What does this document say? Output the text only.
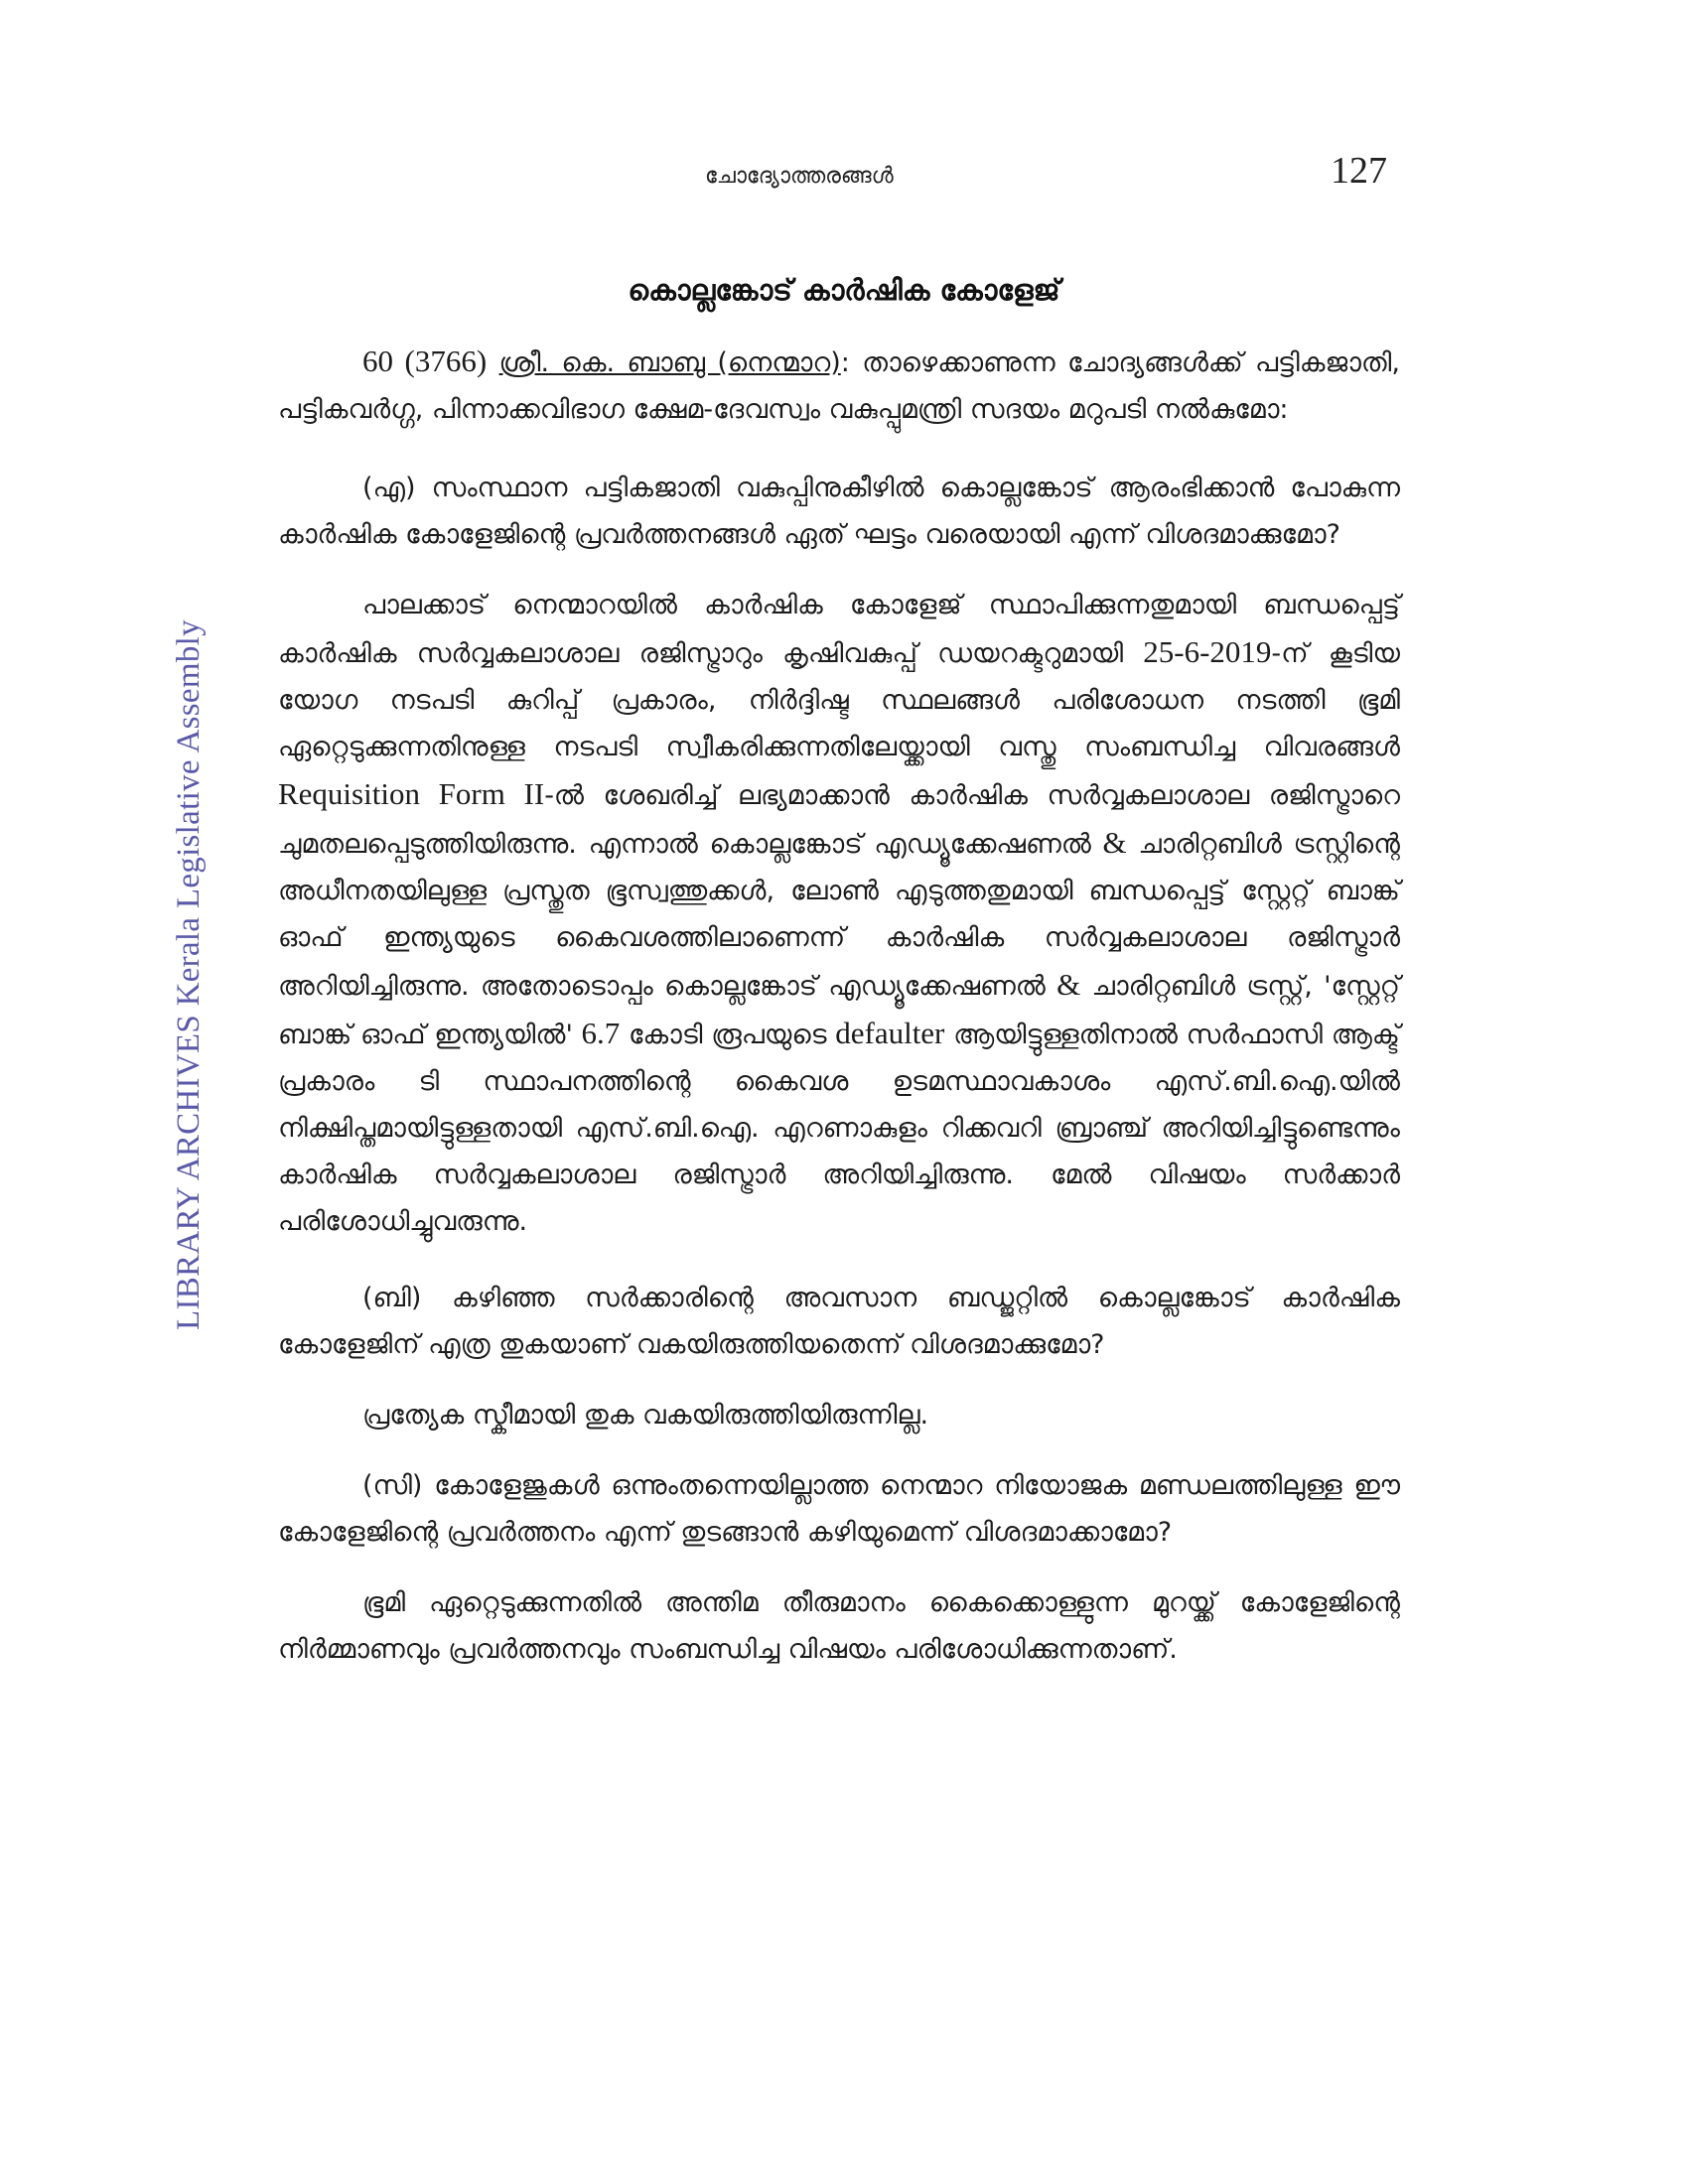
ചോദ്യോത്തരങ്ങൾ	127
LIBRARY ARCHIVES Kerala Legislative Assembly
കൊല്ലങ്കോട് കാർഷിക കോളേജ്

60 (3766) ശ്രീ. കെ. ബാബു (നെന്മാറ): താഴെക്കാണുന്ന ചോദ്യങ്ങൾക്ക് പട്ടികജാതി, പട്ടികവർഗ്ഗ, പിന്നാക്കവിഭാഗ ക്ഷേമ-ദേവസ്വം വകുപ്പുമന്ത്രി സദയം മറുപടി നൽകുമോ:

(എ) സംസ്ഥാന പട്ടികജാതി വകുപ്പിനുകീഴിൽ കൊല്ലങ്കോട് ആരംഭിക്കാൻ പോകുന്ന കാർഷിക കോളേജിന്റെ പ്രവർത്തനങ്ങൾ ഏത് ഘട്ടം വരെയായി എന്ന് വിശദമാക്കുമോ?

പാലക്കാട് നെന്മാറയിൽ കാർഷിക കോളേജ് സ്ഥാപിക്കുന്നതുമായി ബന്ധപ്പെട്ട് കാർഷിക സർവ്വകലാശാല രജിസ്ട്രാറും കൃഷിവകുപ്പ് ഡയറക്ടറുമായി 25-6-2019-ന് കൂടിയ യോഗ നടപടി കുറിപ്പ് പ്രകാരം, നിർദ്ദിഷ്ട സ്ഥലങ്ങൾ പരിശോധന നടത്തി ഭൂമി ഏറ്റെടുക്കുന്നതിനുള്ള നടപടി സ്വീകരിക്കുന്നതിലേയ്ക്കായി വസ്തു സംബന്ധിച്ച വിവരങ്ങൾ Requisition Form II-ൽ ശേഖരിച്ച് ലഭ്യമാക്കാൻ കാർഷിക സർവ്വകലാശാല രജിസ്ട്രാറെ ചുമതലപ്പെടുത്തിയിരുന്നു. എന്നാൽ കൊല്ലങ്കോട് എഡ്യൂക്കേഷണൽ & ചാരിറ്റബിൾ ട്രസ്റ്റിന്റെ അധീനതയിലുള്ള പ്രസ്തുത ഭൂസ്വത്തുക്കൾ, ലോൺ എടുത്തതുമായി ബന്ധപ്പെട്ട് സ്റ്റേറ്റ് ബാങ്ക് ഓഫ് ഇന്ത്യയുടെ കൈവശത്തിലാണെന്ന് കാർഷിക സർവ്വകലാശാല രജിസ്ട്രാർ അറിയിച്ചിരുന്നു. അതോടൊപ്പം കൊല്ലങ്കോട് എഡ്യൂക്കേഷണൽ & ചാരിറ്റബിൾ ട്രസ്റ്റ്, 'സ്റ്റേറ്റ് ബാങ്ക് ഓഫ് ഇന്ത്യയിൽ' 6.7 കോടി രൂപയുടെ defaulter ആയിട്ടുള്ളതിനാൽ സർഫാസി ആക്ട് പ്രകാരം ടി സ്ഥാപനത്തിന്റെ കൈവശ ഉടമസ്ഥാവകാശം എസ്.ബി.ഐ.യിൽ നിക്ഷിപ്തമായിട്ടുള്ളതായി എസ്.ബി.ഐ. എറണാകുളം റിക്കവറി ബ്രാഞ്ച് അറിയിച്ചിട്ടുണ്ടെന്നും കാർഷിക സർവ്വകലാശാല രജിസ്ട്രാർ അറിയിച്ചിരുന്നു. മേൽ വിഷയം സർക്കാർ പരിശോധിച്ചുവരുന്നു.

(ബി) കഴിഞ്ഞ സർക്കാരിന്റെ അവസാന ബഡ്ജറ്റിൽ കൊല്ലങ്കോട് കാർഷിക കോളേജിന് എത്ര തുകയാണ് വകയിരുത്തിയതെന്ന് വിശദമാക്കുമോ?

പ്രത്യേക സ്കീമായി തുക വകയിരുത്തിയിരുന്നില്ല.

(സി) കോളേജുകൾ ഒന്നുംതന്നെയില്ലാത്ത നെന്മാറ നിയോജക മണ്ഡലത്തിലുള്ള ഈ കോളേജിന്റെ പ്രവർത്തനം എന്ന് തുടങ്ങാൻ കഴിയുമെന്ന് വിശദമാക്കാമോ?

ഭൂമി ഏറ്റെടുക്കുന്നതിൽ അന്തിമ തീരുമാനം കൈക്കൊള്ളുന്ന മുറയ്ക്ക് കോളേജിന്റെ നിർമ്മാണവും പ്രവർത്തനവും സംബന്ധിച്ച വിഷയം പരിശോധിക്കുന്നതാണ്.
